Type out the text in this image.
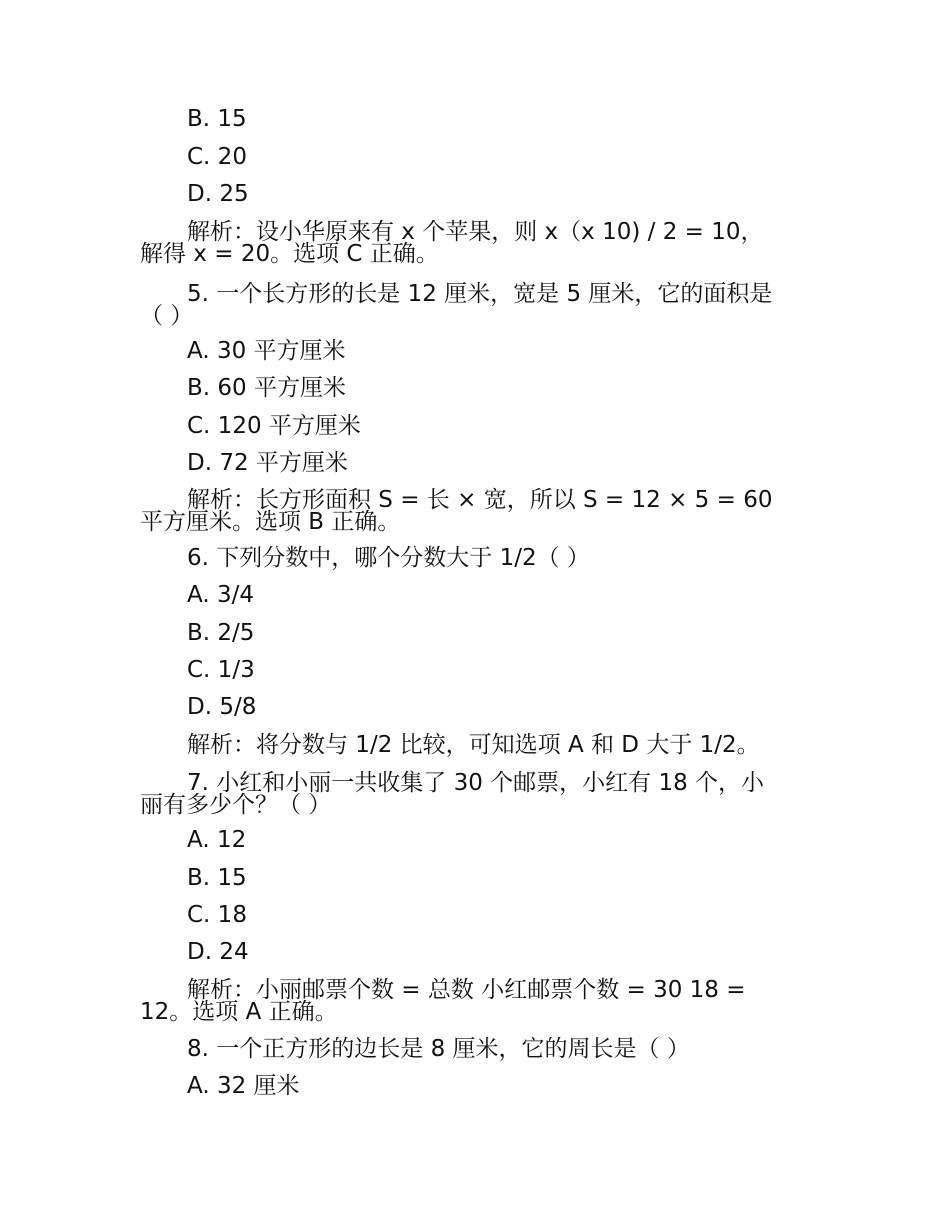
B. 15
C. 20
D. 25
解析：设小华原来有 x 个苹果，则 x（x 10) / 2 = 10，
解得 x = 20。选项 C 正确。
5. 一个长方形的长是 12 厘米，宽是 5 厘米，它的面积是
（ ）
A. 30 平方厘米
B. 60 平方厘米
C. 120 平方厘米
D. 72 平方厘米
解析：长方形面积 S = 长 × 宽，所以 S = 12 × 5 = 60
平方厘米。选项 B 正确。
6. 下列分数中，哪个分数大于 1/2（ ）
A. 3/4
B. 2/5
C. 1/3
D. 5/8
解析：将分数与 1/2 比较，可知选项 A 和 D 大于 1/2。
7. 小红和小丽一共收集了 30 个邮票，小红有 18 个，小
丽有多少个？（ ）
A. 12
B. 15
C. 18
D. 24
解析：小丽邮票个数 = 总数 小红邮票个数 = 30 18 =
12。选项 A 正确。
8. 一个正方形的边长是 8 厘米，它的周长是（ ）
A. 32 厘米
